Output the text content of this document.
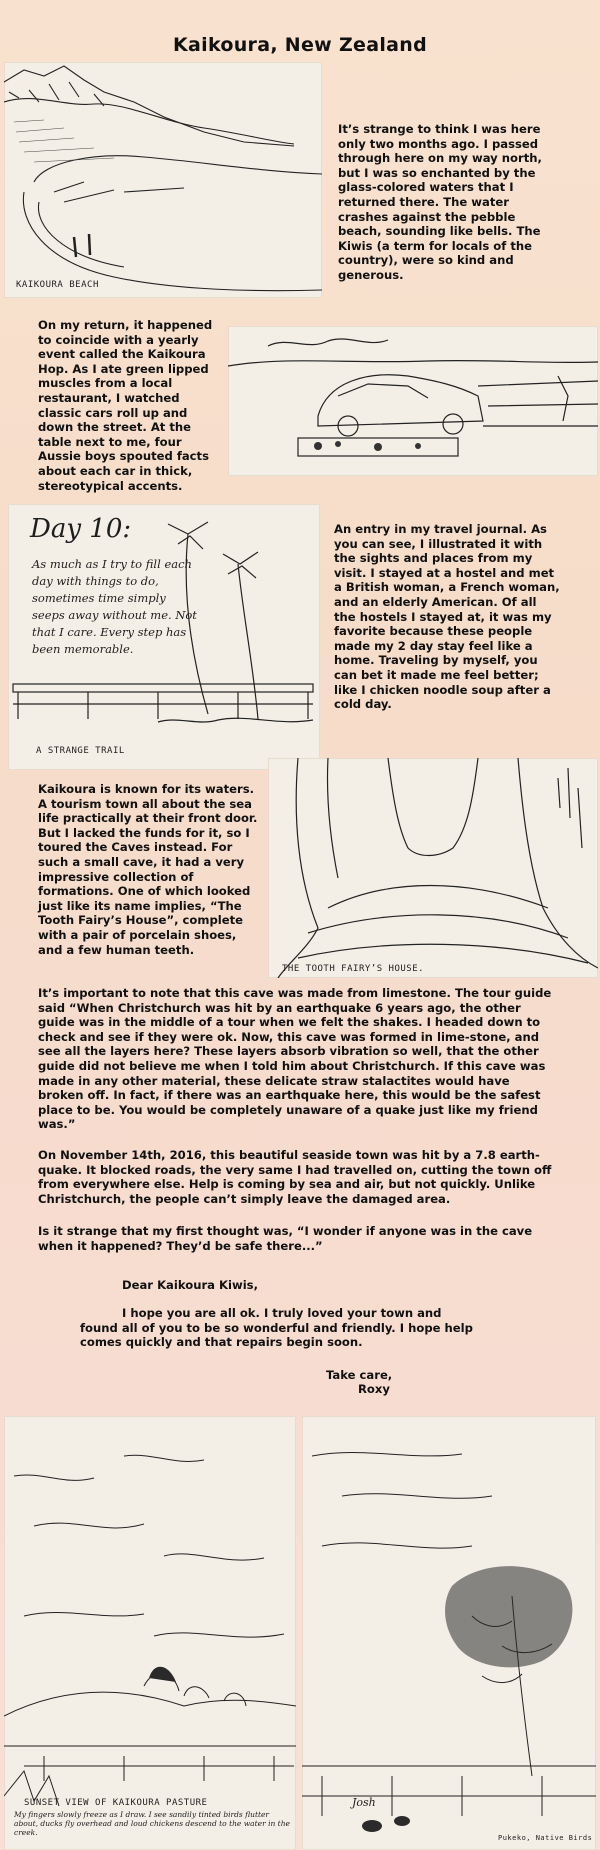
Kaikoura, New Zealand
KAIKOURA BEACH
It’s strange to think I was here only two months ago. I passed through here on my way north, but I was so enchanted by the glass-colored waters that I returned there. The water crashes against the pebble beach, sounding like bells. The Kiwis (a term for locals of the country), were so kind and generous.
On my return, it happened to coincide with a yearly event called the Kaikoura Hop. As I ate green lipped muscles from a local restaurant, I watched classic cars roll up and down the street. At the table next to me, four Aussie boys spouted facts about each car in thick, stereotypical accents.
Day 10:
As much as I try to fill each day with things to do, sometimes time simply seeps away without me. Not that I care. Every step has been memorable.
A STRANGE TRAIL
An entry in my travel journal. As you can see, I illustrated it with the sights and places from my visit. I stayed at a hostel and met a British woman, a French woman, and an elderly American. Of all the hostels I stayed at, it was my favorite because these people made my 2 day stay feel like a home. Traveling by myself, you can bet it made me feel better; like I chicken noodle soup after a cold day.
Kaikoura is known for its waters. A tourism town all about the sea life practically at their front door. But I lacked the funds for it, so I toured the Caves instead. For such a small cave, it had a very impressive collection of formations. One of which looked just like its name implies, “The Tooth Fairy’s House”, complete with a pair of porcelain shoes, and a few human teeth.
THE TOOTH FAIRY’S HOUSE.
It’s important to note that this cave was made from limestone. The tour guide said “When Christchurch was hit by an earthquake 6 years ago, the other guide was in the middle of a tour when we felt the shakes. I headed down to check and see if they were ok. Now, this cave was formed in lime-stone, and see all the layers here? These layers absorb vibration so well, that the other guide did not believe me when I told him about Christchurch. If this cave was made in any other material, these delicate straw stalactites would have broken off. In fact, if there was an earthquake here, this would be the safest place to be. You would be completely unaware of a quake just like my friend was.”
On November 14th, 2016, this beautiful seaside town was hit by a 7.8 earth-quake. It blocked roads, the very same I had travelled on, cutting the town off from everywhere else. Help is coming by sea and air, but not quickly. Unlike Christchurch, the people can’t simply leave the damaged area.
Is it strange that my first thought was, “I wonder if anyone was in the cave when it happened? They’d be safe there...”
Dear Kaikoura Kiwis,
I hope you are all ok. I truly loved your town and found all of you to be so wonderful and friendly. I hope help comes quickly and that repairs begin soon.
Take care,
Roxy
SUNSET VIEW OF KAIKOURA PASTURE
My fingers slowly freeze as I draw. I see sandily tinted birds flutter about, ducks fly overhead and loud chickens descend to the water in the creek.
Josh
Pukeko, Native Birds
